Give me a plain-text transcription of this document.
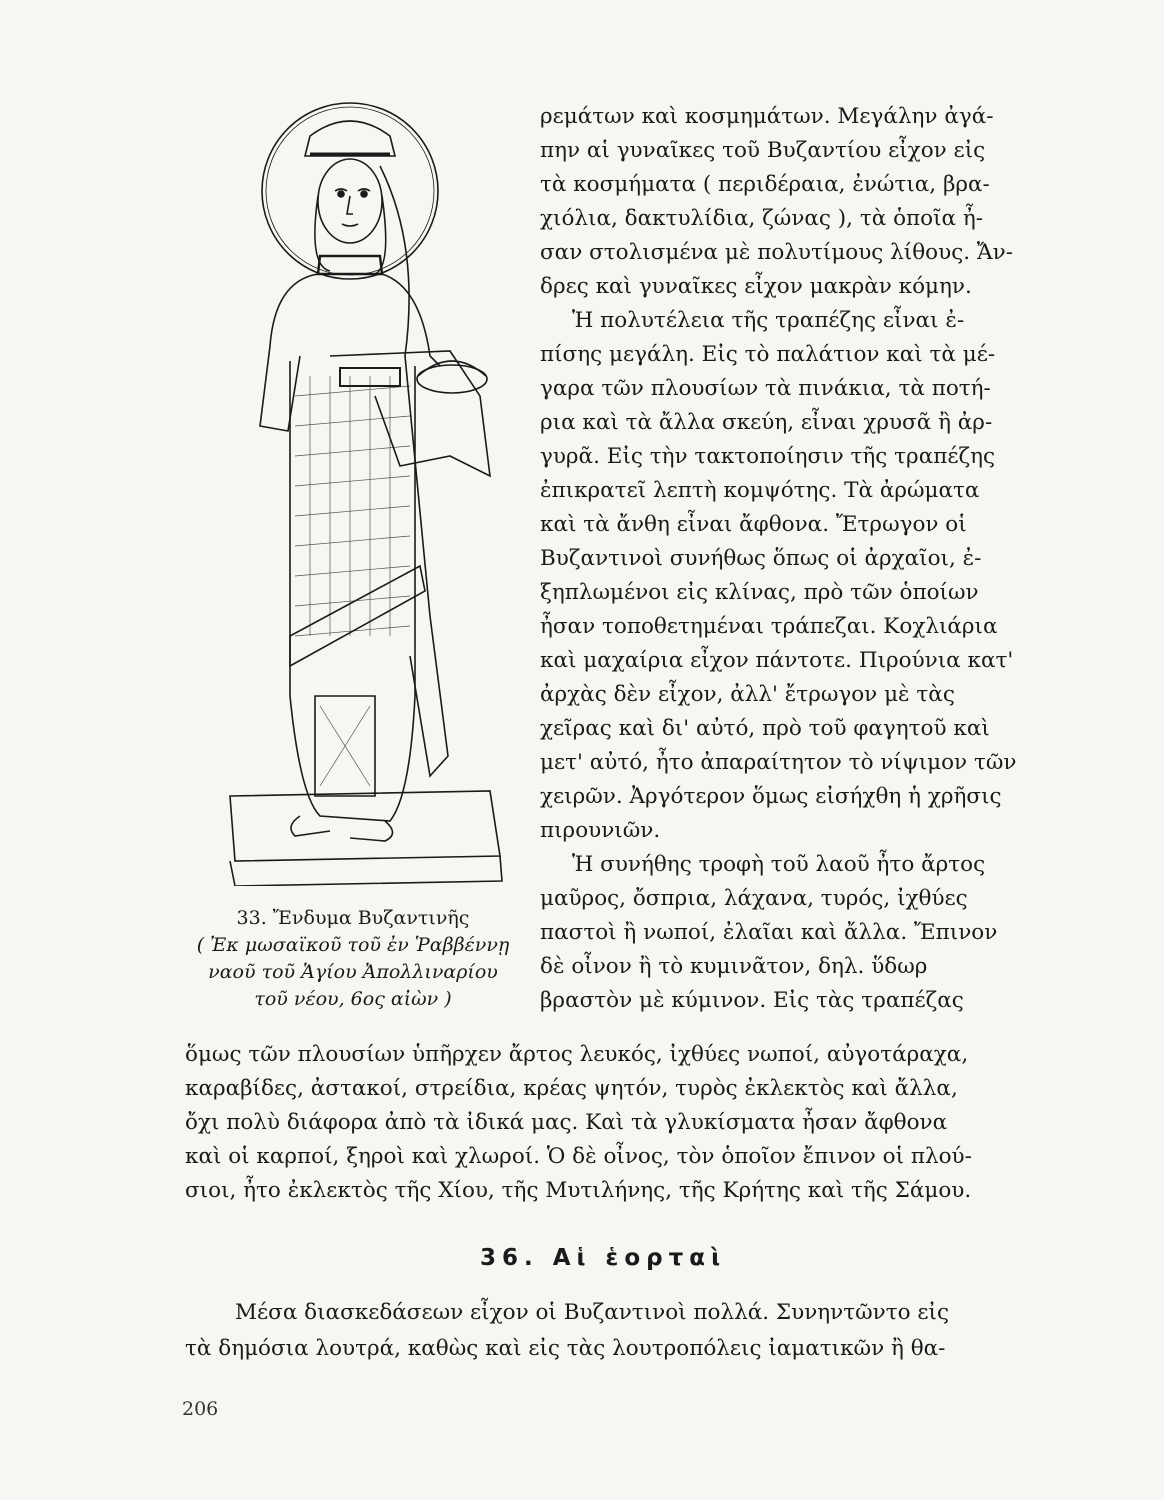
33. Ἔνδυμα Βυζαντινῆς
( Ἐκ μωσαϊκοῦ τοῦ ἐν Ῥαββέννῃ
ναοῦ τοῦ Ἁγίου Ἀπολλιναρίου
τοῦ νέου, 6ος αἰὼν )
ρεμάτων καὶ κοσμημάτων. Μεγάλην ἀγά-
πην αἱ γυναῖκες τοῦ Βυζαντίου εἶχον εἰς
τὰ κοσμήματα ( περιδέραια, ἐνώτια, βρα-
χιόλια, δακτυλίδια, ζώνας ), τὰ ὁποῖα ἦ-
σαν στολισμένα μὲ πολυτίμους λίθους. Ἄν-
δρες καὶ γυναῖκες εἶχον μακρὰν κόμην.
Ἡ πολυτέλεια τῆς τραπέζης εἶναι ἐ-
πίσης μεγάλη. Εἰς τὸ παλάτιον καὶ τὰ μέ-
γαρα τῶν πλουσίων τὰ πινάκια, τὰ ποτή-
ρια καὶ τὰ ἄλλα σκεύη, εἶναι χρυσᾶ ἢ ἀρ-
γυρᾶ. Εἰς τὴν τακτοποίησιν τῆς τραπέζης
ἐπικρατεῖ λεπτὴ κομψότης. Τὰ ἀρώματα
καὶ τὰ ἄνθη εἶναι ἄφθονα. Ἔτρωγον οἱ
Βυζαντινοὶ συνήθως ὅπως οἱ ἀρχαῖοι, ἐ-
ξηπλωμένοι εἰς κλίνας, πρὸ τῶν ὁποίων
ἦσαν τοποθετημέναι τράπεζαι. Κοχλιάρια
καὶ μαχαίρια εἶχον πάντοτε. Πιρούνια κατ'
ἀρχὰς δὲν εἶχον, ἀλλ' ἔτρωγον μὲ τὰς
χεῖρας καὶ δι' αὐτό, πρὸ τοῦ φαγητοῦ καὶ
μετ' αὐτό, ἦτο ἀπαραίτητον τὸ νίψιμον τῶν
χειρῶν. Ἀργότερον ὅμως εἰσήχθη ἡ χρῆσις
πιρουνιῶν.
Ἡ συνήθης τροφὴ τοῦ λαοῦ ἦτο ἄρτος
μαῦρος, ὄσπρια, λάχανα, τυρός, ἰχθύες
παστοὶ ἢ νωποί, ἐλαῖαι καὶ ἄλλα. Ἔπινον
δὲ οἶνον ἢ τὸ κυμινᾶτον, δηλ. ὕδωρ
βραστὸν μὲ κύμινον. Εἰς τὰς τραπέζας
ὅμως τῶν πλουσίων ὑπῆρχεν ἄρτος λευκός, ἰχθύες νωποί, αὐγοτάραχα,
καραβίδες, ἀστακοί, στρείδια, κρέας ψητόν, τυρὸς ἐκλεκτὸς καὶ ἄλλα,
ὄχι πολὺ διάφορα ἀπὸ τὰ ἰδικά μας. Καὶ τὰ γλυκίσματα ἦσαν ἄφθονα
καὶ οἱ καρποί, ξηροὶ καὶ χλωροί. Ὁ δὲ οἶνος, τὸν ὁποῖον ἔπινον οἱ πλού-
σιοι, ἦτο ἐκλεκτὸς τῆς Χίου, τῆς Μυτιλήνης, τῆς Κρήτης καὶ τῆς Σάμου.
36. Αἱ ἑορταὶ
Μέσα διασκεδάσεων εἶχον οἱ Βυζαντινοὶ πολλά. Συνηντῶντο εἰς
τὰ δημόσια λουτρά, καθὼς καὶ εἰς τὰς λουτροπόλεις ἰαματικῶν ἢ θα-
206
